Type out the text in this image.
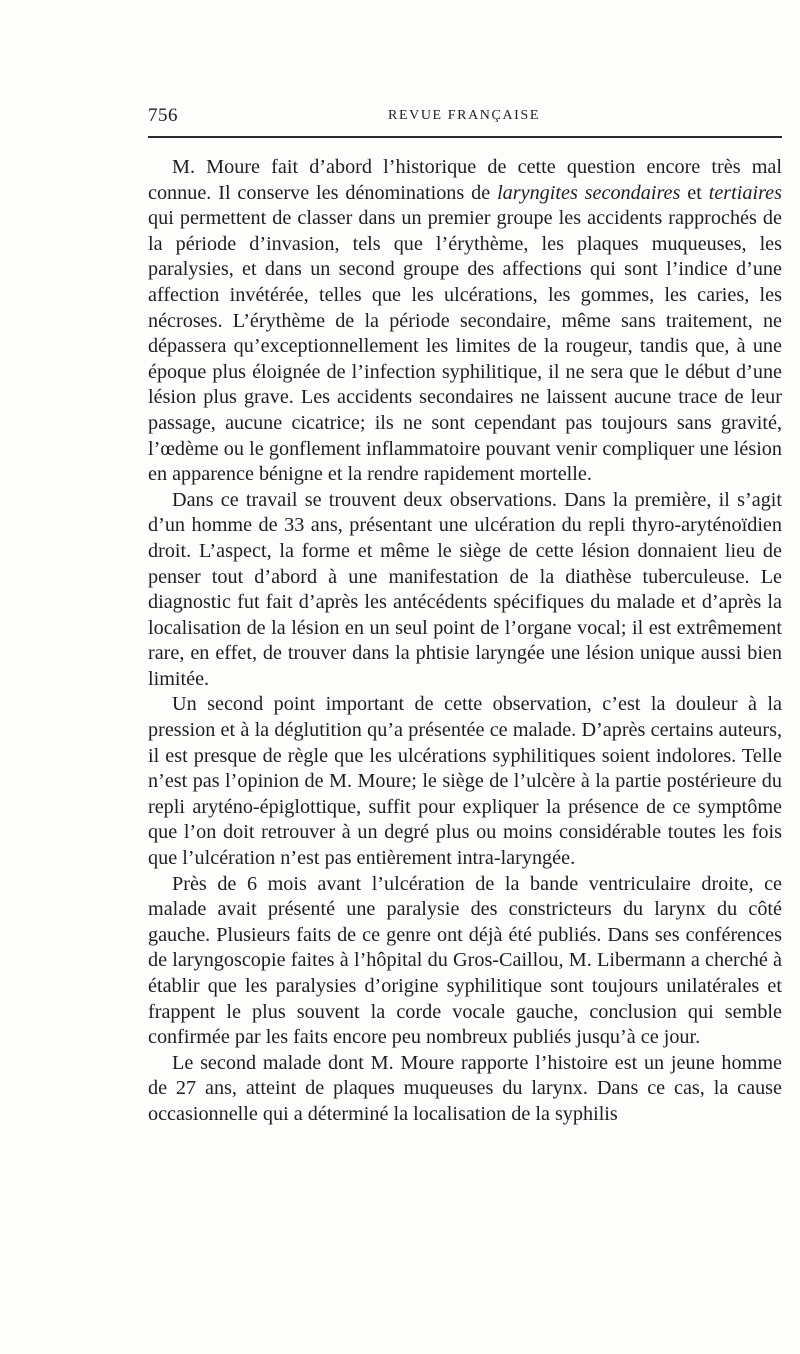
756	REVUE FRANÇAISE

M. Moure fait d’abord l’historique de cette question encore très mal connue. Il conserve les dénominations de laryngites secondaires et tertiaires qui permettent de classer dans un premier groupe les accidents rapprochés de la période d’invasion, tels que l’érythème, les plaques muqueuses, les paralysies, et dans un second groupe des affections qui sont l’indice d’une affection invétérée, telles que les ulcérations, les gommes, les caries, les nécroses. L’érythème de la période secondaire, même sans traitement, ne dépassera qu’exceptionnellement les limites de la rougeur, tandis que, à une époque plus éloignée de l’infection syphilitique, il ne sera que le début d’une lésion plus grave. Les accidents secondaires ne laissent aucune trace de leur passage, aucune cicatrice; ils ne sont cependant pas toujours sans gravité, l’œdème ou le gonflement inflammatoire pouvant venir compliquer une lésion en apparence bénigne et la rendre rapidement mortelle.

Dans ce travail se trouvent deux observations. Dans la première, il s’agit d’un homme de 33 ans, présentant une ulcération du repli thyro-aryténoïdien droit. L’aspect, la forme et même le siège de cette lésion donnaient lieu de penser tout d’abord à une manifestation de la diathèse tuberculeuse. Le diagnostic fut fait d’après les antécédents spécifiques du malade et d’après la localisation de la lésion en un seul point de l’organe vocal; il est extrêmement rare, en effet, de trouver dans la phtisie laryngée une lésion unique aussi bien limitée.

Un second point important de cette observation, c’est la douleur à la pression et à la déglutition qu’a présentée ce malade. D’après certains auteurs, il est presque de règle que les ulcérations syphilitiques soient indolores. Telle n’est pas l’opinion de M. Moure; le siège de l’ulcère à la partie postérieure du repli aryténo-épiglottique, suffit pour expliquer la présence de ce symptôme que l’on doit retrouver à un degré plus ou moins considérable toutes les fois que l’ulcération n’est pas entièrement intra-laryngée.

Près de 6 mois avant l’ulcération de la bande ventriculaire droite, ce malade avait présenté une paralysie des constricteurs du larynx du côté gauche. Plusieurs faits de ce genre ont déjà été publiés. Dans ses conférences de laryngoscopie faites à l’hôpital du Gros-Caillou, M. Libermann a cherché à établir que les paralysies d’origine syphilitique sont toujours unilatérales et frappent le plus souvent la corde vocale gauche, conclusion qui semble confirmée par les faits encore peu nombreux publiés jusqu’à ce jour.

Le second malade dont M. Moure rapporte l’histoire est un jeune homme de 27 ans, atteint de plaques muqueuses du larynx. Dans ce cas, la cause occasionnelle qui a déterminé la localisation de la syphilis
